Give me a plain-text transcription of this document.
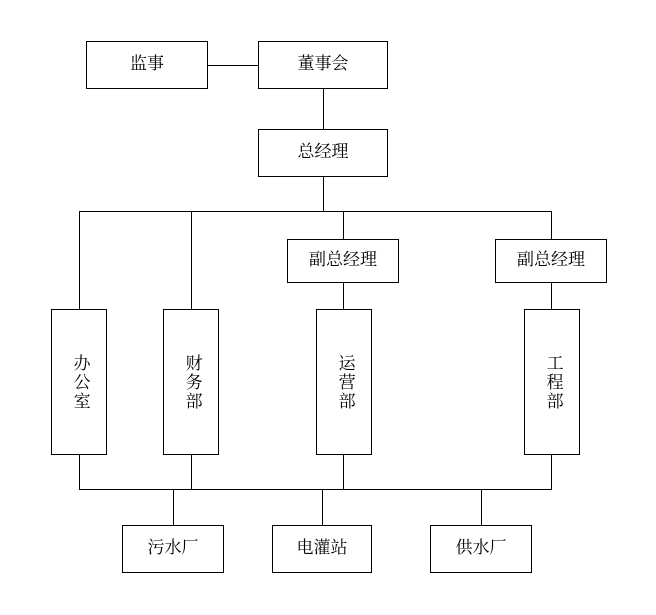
监事	董事会
总经理
副总经理	副总经理
办公室	财务部	运营部	工程部
污水厂	电灌站	供水厂
